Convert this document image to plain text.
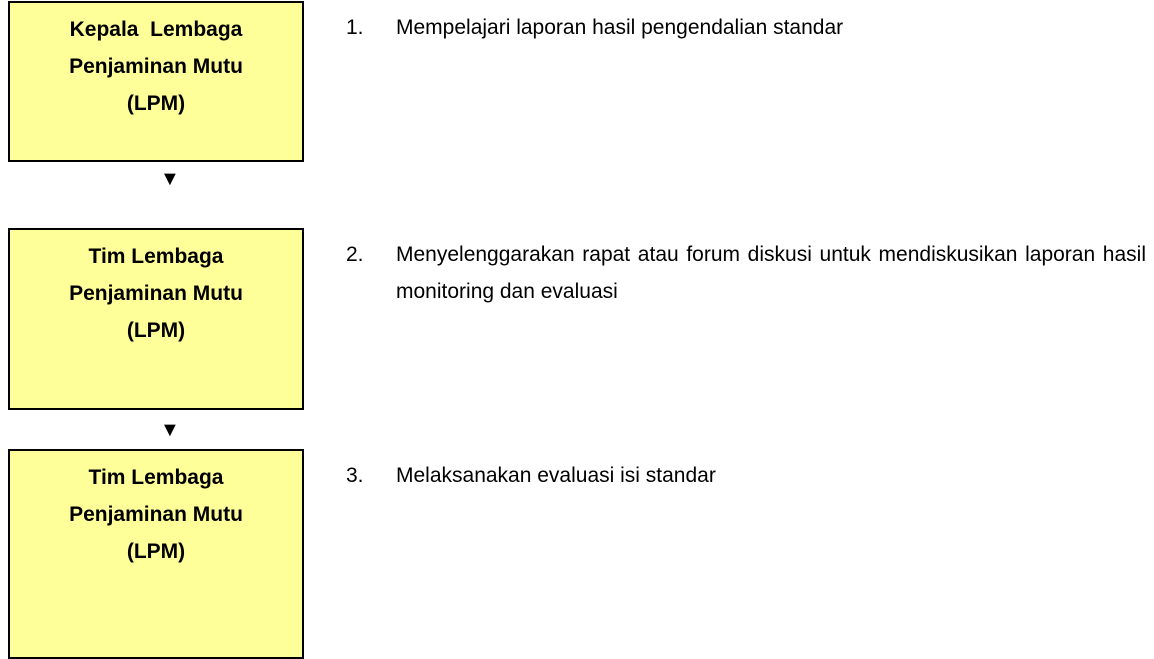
Kepala  Lembaga
Penjaminan Mutu
(LPM)
▼
Tim Lembaga
Penjaminan Mutu
(LPM)
▼
Tim Lembaga
Penjaminan Mutu
(LPM)
1. Mempelajari laporan hasil pengendalian standar
2. Menyelenggarakan rapat atau forum diskusi untuk mendiskusikan laporan hasil monitoring dan evaluasi
3. Melaksanakan evaluasi isi standar
